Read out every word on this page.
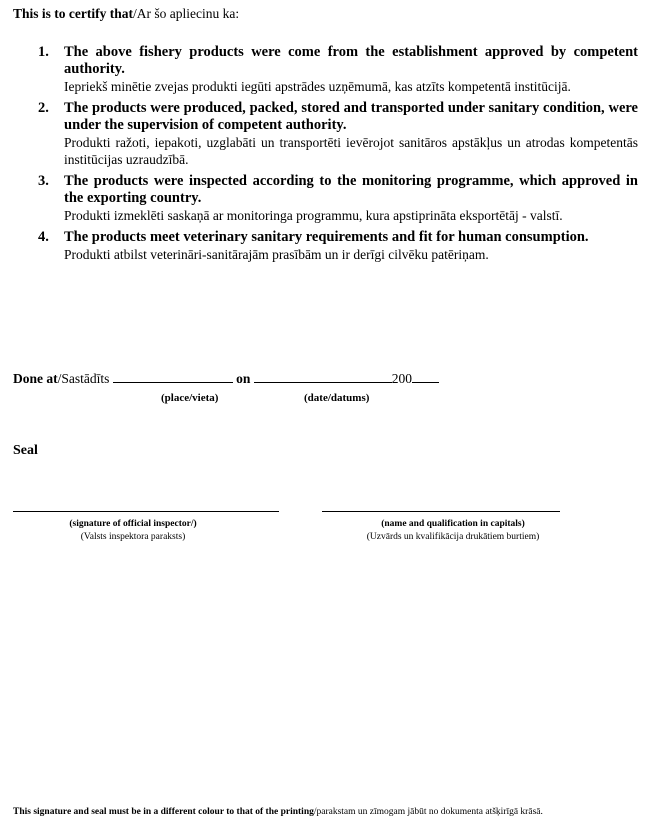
This is to certify that/Ar šo apliecinu ka:
1. The above fishery products were come from the establishment approved by competent authority.
Iepriekš minētie zvejas produkti iegūti apstrādes uzņēmumā, kas atzīts kompetentā institūcijā.
2. The products were produced, packed, stored and transported under sanitary condition, were under the supervision of competent authority.
Produkti ražoti, iepakoti, uzglabāti un transportēti ievērojot sanitāros apstākļus un atrodas kompetentās institūcijas uzraudzībā.
3. The products were inspected according to the monitoring programme, which approved in the exporting country.
Produkti izmeklēti saskaņā ar monitoringa programmu, kura apstiprināta eksportētāj - valstī.
4. The products meet veterinary sanitary requirements and fit for human consumption.
Produkti atbilst veterināri-sanitārajām prasībām un ir derīgi cilvēku patēriņam.
Done at/Sastādīts	on	200
(place/vieta)	(date/datums)
Seal
(signature of official inspector/)
(Valsts inspektora paraksts)
(name and qualification in capitals)
(Uzvārds un kvalifikācija drukātiem burtiem)
This signature and seal must be in a different colour to that of the printing/parakstam un zīmogam jābūt no dokumenta atšķirīgā krāsā.
